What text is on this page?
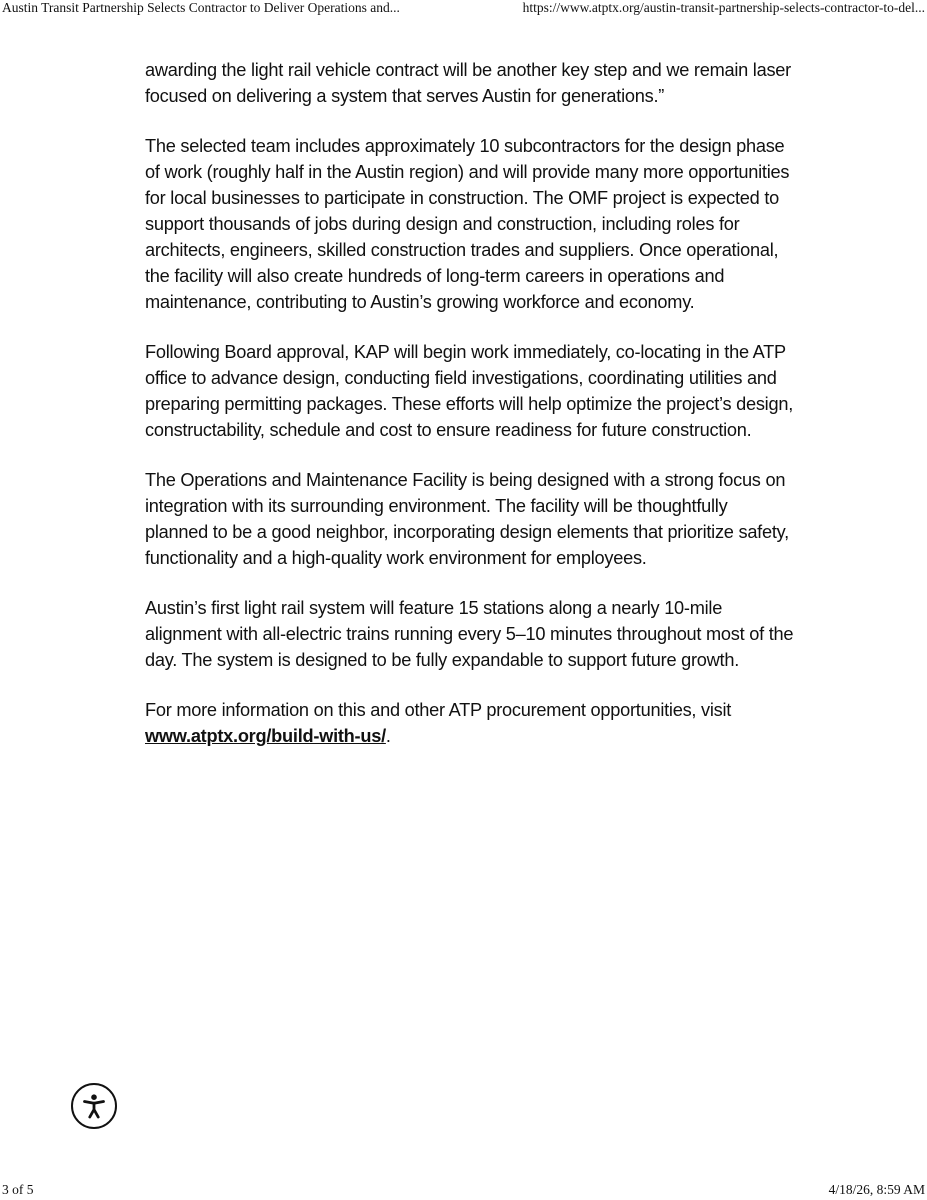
Austin Transit Partnership Selects Contractor to Deliver Operations and...	https://www.atptx.org/austin-transit-partnership-selects-contractor-to-del...

awarding the light rail vehicle contract will be another key step and we remain laser focused on delivering a system that serves Austin for generations.”

The selected team includes approximately 10 subcontractors for the design phase of work (roughly half in the Austin region) and will provide many more opportunities for local businesses to participate in construction. The OMF project is expected to support thousands of jobs during design and construction, including roles for architects, engineers, skilled construction trades and suppliers. Once operational, the facility will also create hundreds of long-term careers in operations and maintenance, contributing to Austin’s growing workforce and economy.

Following Board approval, KAP will begin work immediately, co-locating in the ATP office to advance design, conducting field investigations, coordinating utilities and preparing permitting packages. These efforts will help optimize the project’s design, constructability, schedule and cost to ensure readiness for future construction.

The Operations and Maintenance Facility is being designed with a strong focus on integration with its surrounding environment. The facility will be thoughtfully planned to be a good neighbor, incorporating design elements that prioritize safety, functionality and a high-quality work environment for employees.

Austin’s first light rail system will feature 15 stations along a nearly 10-mile alignment with all-electric trains running every 5–10 minutes throughout most of the day. The system is designed to be fully expandable to support future growth.

For more information on this and other ATP procurement opportunities, visit www.atptx.org/build-with-us/.

3 of 5	4/18/26, 8:59 AM
